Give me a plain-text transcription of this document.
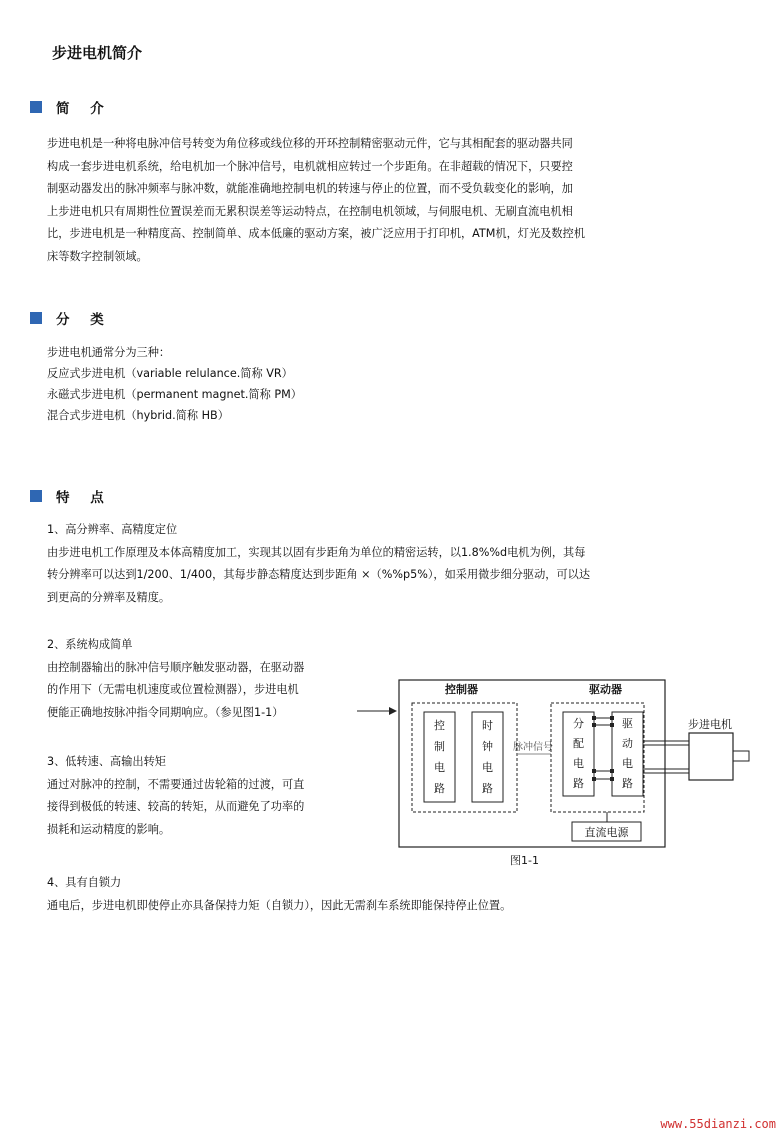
步进电机简介
简 介

步进电机是一种将电脉冲信号转变为角位移或线位移的开环控制精密驱动元件，它与其相配套的驱动器共同

构成一套步进电机系统，给电机加一个脉冲信号，电机就相应转过一个步距角。在非超载的情况下，只要控

制驱动器发出的脉冲频率与脉冲数，就能准确地控制电机的转速与停止的位置，而不受负载变化的影响，加

上步进电机只有周期性位置误差而无累积误差等运动特点，在控制电机领域，与伺服电机、无刷直流电机相

比，步进电机是一种精度高、控制简单、成本低廉的驱动方案，被广泛应用于打印机，ATM机，灯光及数控机

床等数字控制领域。

分 类

步进电机通常分为三种：

反应式步进电机（variable relulance.简称 VR）

永磁式步进电机（permanent magnet.简称 PM）

混合式步进电机（hybrid.简称 HB）

特 点

1、高分辨率、高精度定位

由步进电机工作原理及本体高精度加工，实现其以固有步距角为单位的精密运转，以1.8%%d电机为例，其每

转分辨率可以达到1/200、1/400，其每步静态精度达到步距角 ×（%%p5%），如采用微步细分驱动，可以达

到更高的分辨率及精度。

2、系统构成简单

由控制器输出的脉冲信号顺序触发驱动器，在驱动器

的作用下（无需电机速度或位置检测器），步进电机

便能正确地按脉冲指令同期响应。（参见图1-1）

3、低转速、高输出转矩

通过对脉冲的控制，不需要通过齿轮箱的过渡，可直

接得到极低的转速、较高的转矩，从而避免了功率的

损耗和运动精度的影响。

4、具有自锁力

通电后，步进电机即使停止亦具备保持力矩（自锁力），因此无需刹车系统即能保持停止位置。

控制器
控
制
电
路
时
钟
电
路
脉冲信号
驱动器
分
配
电
路
驱
动
电
路
直流电源
步进电机
图1-1
www.55dianzi.com
